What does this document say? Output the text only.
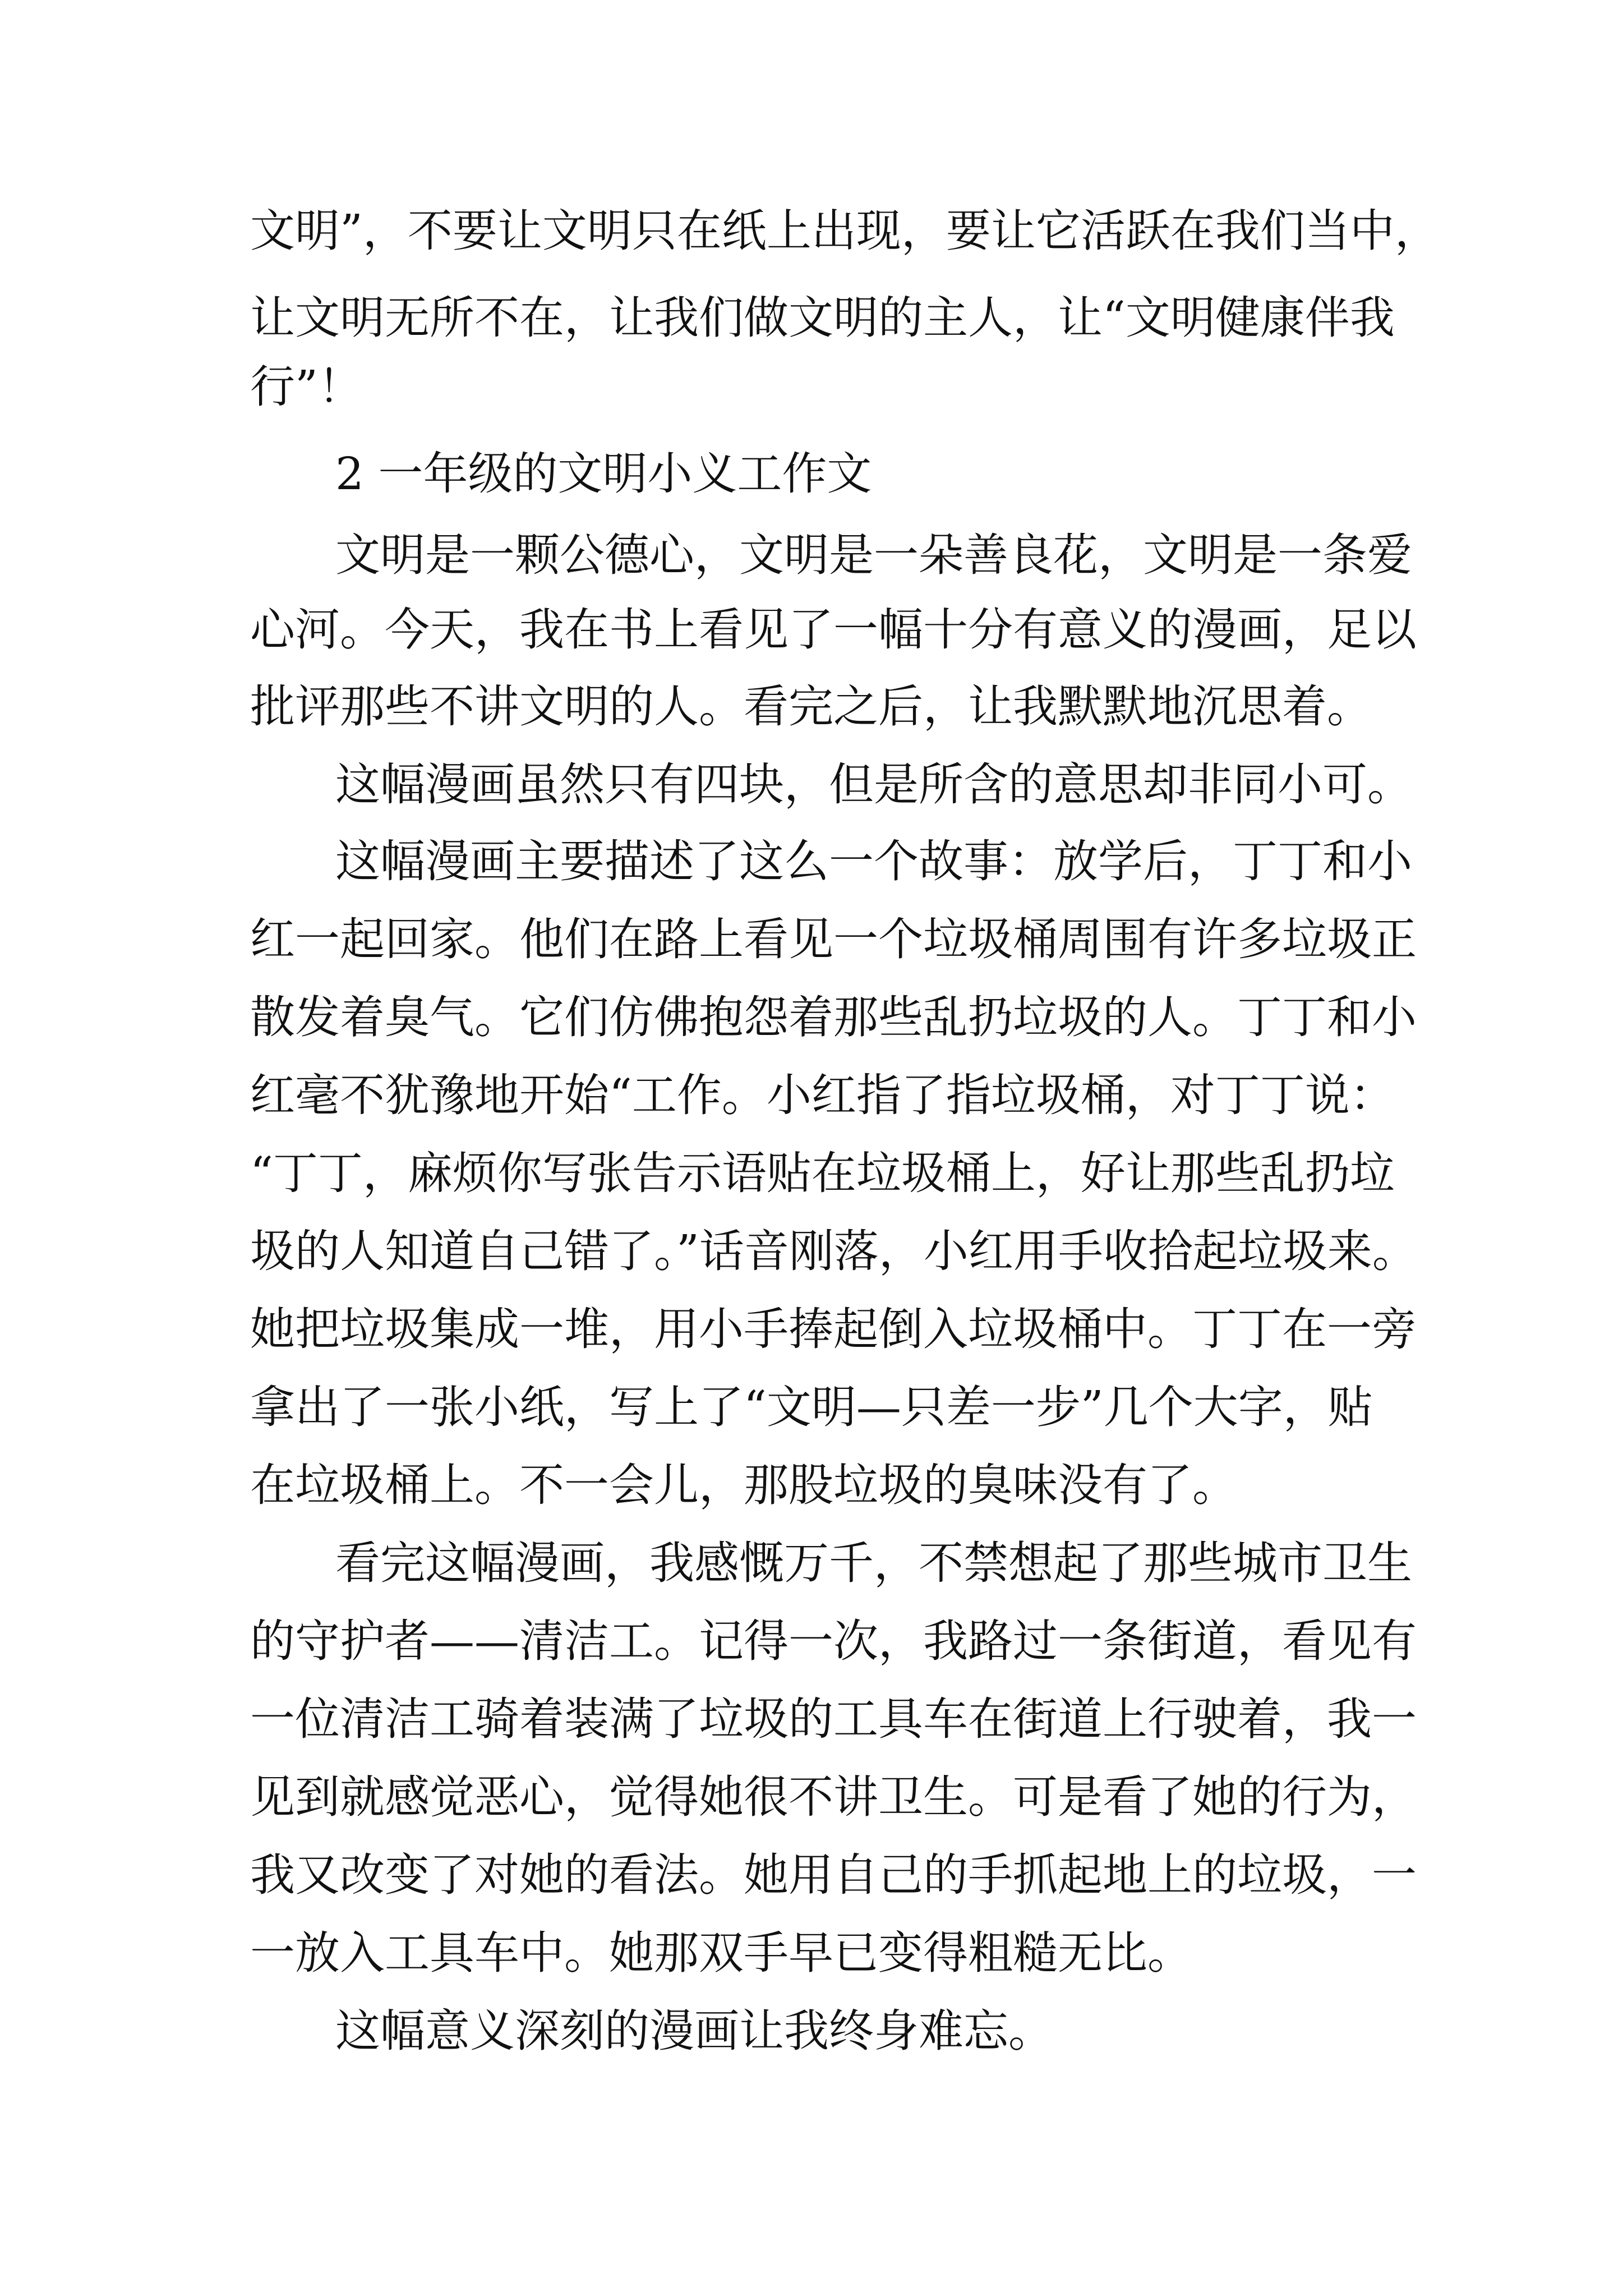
文明”，不要让文明只在纸上出现，要让它活跃在我们当中，
让文明无所不在，让我们做文明的主人，让“文明健康伴我
行”！
2 一年级的文明小义工作文
文明是一颗公德心，文明是一朵善良花，文明是一条爱
心河。今天，我在书上看见了一幅十分有意义的漫画，足以
批评那些不讲文明的人。看完之后，让我默默地沉思着。
这幅漫画虽然只有四块，但是所含的意思却非同小可。
这幅漫画主要描述了这么一个故事：放学后，丁丁和小
红一起回家。他们在路上看见一个垃圾桶周围有许多垃圾正
散发着臭气。它们仿佛抱怨着那些乱扔垃圾的人。丁丁和小
红毫不犹豫地开始“工作。小红指了指垃圾桶，对丁丁说：
“丁丁，麻烦你写张告示语贴在垃圾桶上，好让那些乱扔垃
圾的人知道自己错了。”话音刚落，小红用手收拾起垃圾来。
她把垃圾集成一堆，用小手捧起倒入垃圾桶中。丁丁在一旁
拿出了一张小纸，写上了“文明—只差一步”几个大字，贴
在垃圾桶上。不一会儿，那股垃圾的臭味没有了。
看完这幅漫画，我感慨万千，不禁想起了那些城市卫生
的守护者——清洁工。记得一次，我路过一条街道，看见有
一位清洁工骑着装满了垃圾的工具车在街道上行驶着，我一
见到就感觉恶心，觉得她很不讲卫生。可是看了她的行为，
我又改变了对她的看法。她用自己的手抓起地上的垃圾，一
一放入工具车中。她那双手早已变得粗糙无比。
这幅意义深刻的漫画让我终身难忘。
